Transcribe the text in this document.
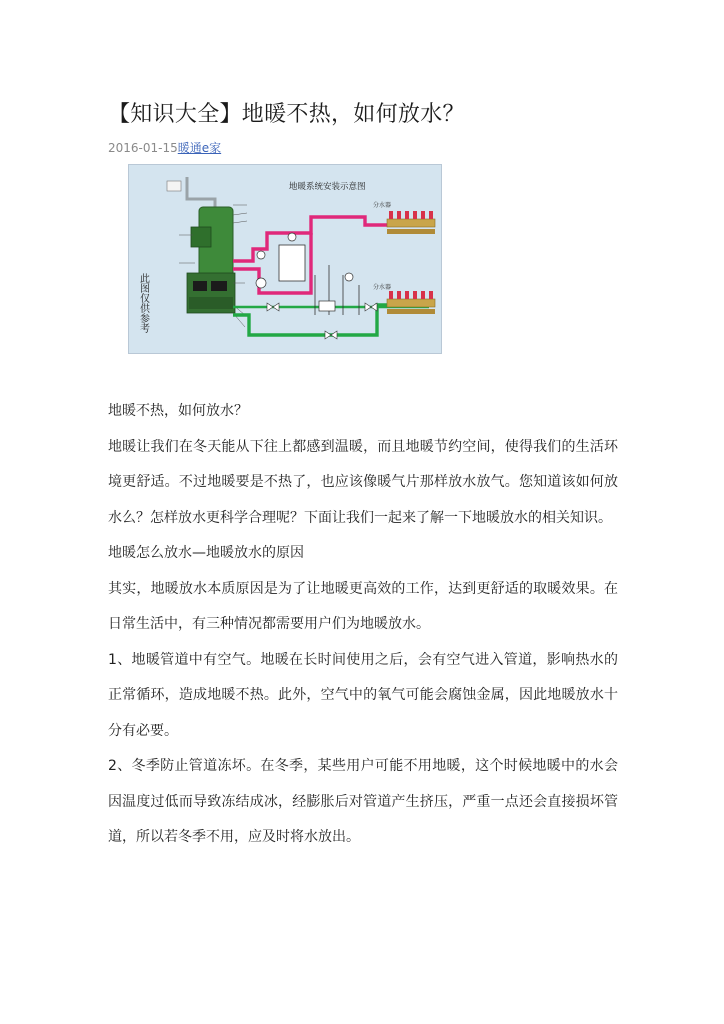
【知识大全】地暖不热，如何放水？
2016-01-15暖通e家
地暖系统安装示意图
此图仅供参考
分水器
分水器

地暖不热，如何放水？

地暖让我们在冬天能从下往上都感到温暖，而且地暖节约空间，使得我们的生活环境更舒适。不过地暖要是不热了，也应该像暖气片那样放水放气。您知道该如何放水么？怎样放水更科学合理呢？下面让我们一起来了解一下地暖放水的相关知识。

地暖怎么放水—地暖放水的原因

其实，地暖放水本质原因是为了让地暖更高效的工作，达到更舒适的取暖效果。在日常生活中，有三种情况都需要用户们为地暖放水。

1、地暖管道中有空气。地暖在长时间使用之后，会有空气进入管道，影响热水的正常循环，造成地暖不热。此外，空气中的氧气可能会腐蚀金属，因此地暖放水十分有必要。

2、冬季防止管道冻坏。在冬季，某些用户可能不用地暖，这个时候地暖中的水会因温度过低而导致冻结成冰，经膨胀后对管道产生挤压，严重一点还会直接损坏管道，所以若冬季不用，应及时将水放出。
